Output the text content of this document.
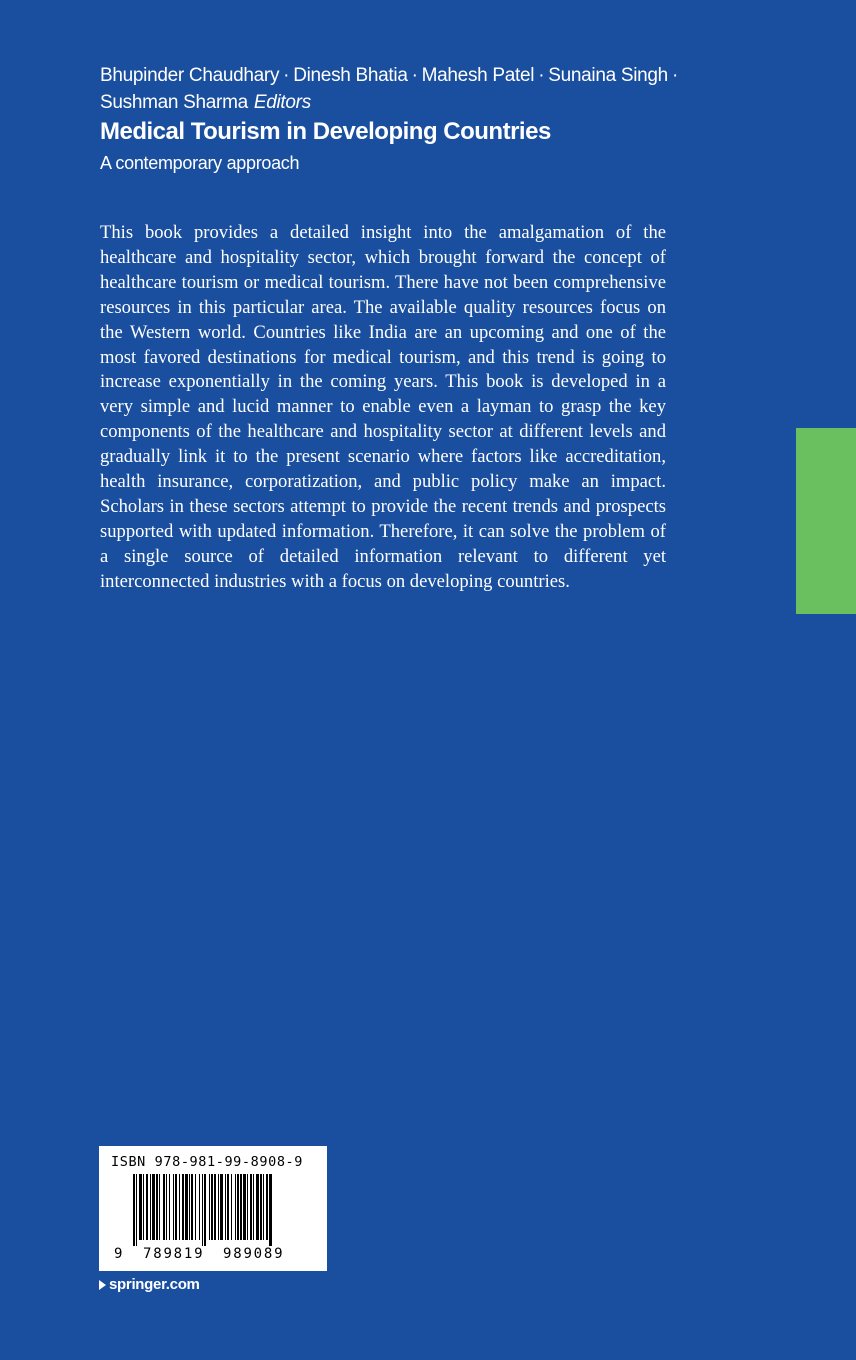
Bhupinder Chaudhary · Dinesh Bhatia · Mahesh Patel · Sunaina Singh ·
Sushman Sharma Editors
Medical Tourism in Developing Countries
A contemporary approach

This book provides a detailed insight into the amalgamation of the healthcare and hospitality sector, which brought forward the concept of healthcare tourism or medical tourism. There have not been comprehensive resources in this particular area. The available quality resources focus on the Western world. Countries like India are an upcoming and one of the most favored destinations for medical tourism, and this trend is going to increase exponentially in the coming years. This book is developed in a very simple and lucid manner to enable even a layman to grasp the key components of the healthcare and hospitality sector at different levels and gradually link it to the present scenario where factors like accreditation, health insurance, corporatization, and public policy make an impact. Scholars in these sectors attempt to provide the recent trends and prospects supported with updated information. Therefore, it can solve the problem of a single source of detailed information relevant to different yet interconnected industries with a focus on developing countries.

ISBN 978-981-99-8908-9
9 789819 989089
springer.com
